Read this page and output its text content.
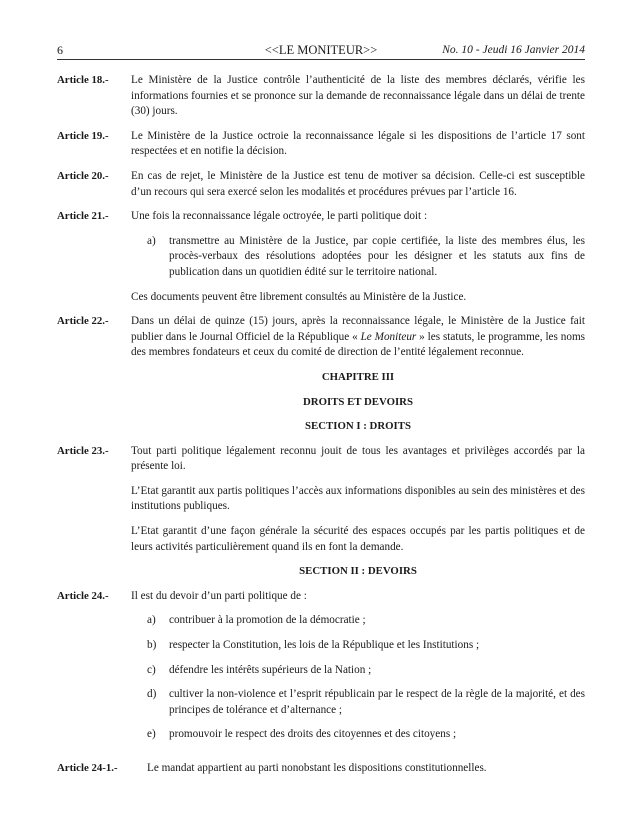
6	<<LE MONITEUR>>	No. 10 - Jeudi 16 Janvier 2014
Article 18.-	Le Ministère de la Justice contrôle l’authenticité de la liste des membres déclarés, vérifie les informations fournies et se prononce sur la demande de reconnaissance légale dans un délai de trente (30) jours.

Article 19.-	Le Ministère de la Justice octroie la reconnaissance légale si les dispositions de l’article 17 sont respectées et en notifie la décision.

Article 20.-	En cas de rejet, le Ministère de la Justice est tenu de motiver sa décision. Celle-ci est susceptible d’un recours qui sera exercé selon les modalités et procédures prévues par l’article 16.

Article 21.-	Une fois la reconnaissance légale octroyée, le parti politique doit :

a)	transmettre au Ministère de la Justice, par copie certifiée, la liste des membres élus, les procès-verbaux des résolutions adoptées pour les désigner et les statuts aux fins de publication dans un quotidien édité sur le territoire national.

Ces documents peuvent être librement consultés au Ministère de la Justice.

Article 22.-	Dans un délai de quinze (15) jours, après la reconnaissance légale, le Ministère de la Justice fait publier dans le Journal Officiel de la République « Le Moniteur » les statuts, le programme, les noms des membres fondateurs et ceux du comité de direction de l’entité légalement reconnue.

CHAPITRE III
DROITS ET DEVOIRS
SECTION I : DROITS
Article 23.-	Tout parti politique légalement reconnu jouit de tous les avantages et privilèges accordés par la présente loi.

L’Etat garantit aux partis politiques l’accès aux informations disponibles au sein des ministères et des institutions publiques.

L’Etat garantit d’une façon générale la sécurité des espaces occupés par les partis politiques et de leurs activités particulièrement quand ils en font la demande.

SECTION II : DEVOIRS
Article 24.-	Il est du devoir d’un parti politique de :

a)	contribuer à la promotion de la démocratie ;
b)	respecter la Constitution, les lois de la République et les Institutions ;
c)	défendre les intérêts supérieurs de la Nation ;
d)	cultiver la non-violence et l’esprit républicain par le respect de la règle de la majorité, et des principes de tolérance et d’alternance ;
e)	promouvoir le respect des droits des citoyennes et des citoyens ;
Article 24-1.-	Le mandat appartient au parti nonobstant les dispositions constitutionnelles.
